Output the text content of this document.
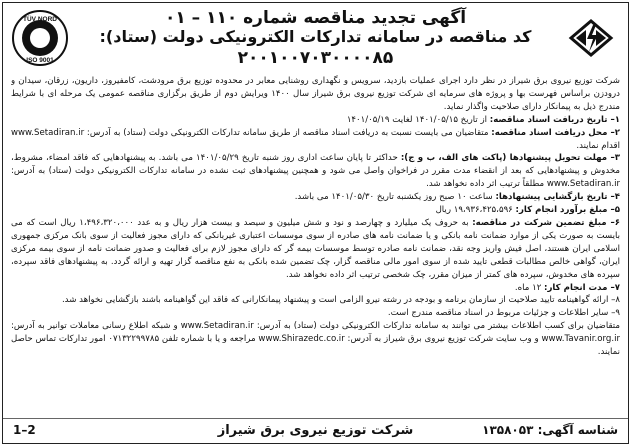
TÜV NORD
ISO 9001
آگهی تجدید مناقصه شماره ۱۱۰ – ۰۱
کد مناقصه در سامانه تدارکات الکترونیکی دولت (ستاد):
۲۰۰۱۰۰۷۰۳۰۰۰۰۸۵

شرکت توزیع نیروی برق شیراز در نظر دارد اجرای عملیات بازدید، سرویس و نگهداری روشنایی معابر در محدوده توزیع برق مرودشت، کامفیروز، داریون، زرقان، سیدان و درودزن براساس فهرست بها و پروژه های سرمایه ای شرکت توزیع نیروی برق شیراز سال ۱۴۰۰ ویرایش دوم از طریق برگزاری مناقصه عمومی یک مرحله ای با شرایط مندرج ذیل به پیمانکار دارای صلاحیت واگذار نماید.

۱– تاریخ دریافت اسناد مناقصه: از تاریخ ۱۴۰۱/۰۵/۱۵ لغایت ۱۴۰۱/۰۵/۱۹

۲– محل دریافت اسناد مناقصه: متقاضیان می بایست نسبت به دریافت اسناد مناقصه از طریق سامانه تدارکات الکترونیکی دولت (ستاد) به آدرس: www.Setadiran.ir اقدام نمایند.

۳– مهلت تحویل پیشنهادها (پاکت های الف، ب و ج): حداکثر تا پایان ساعت اداری روز شنبه تاریخ ۱۴۰۱/۰۵/۲۹ می باشد. به پیشنهادهایی که فاقد امضاء، مشروط، مخدوش و پیشنهادهایی که بعد از انقضاء مدت مقرر در فراخوان واصل می شود و همچنین پیشنهادهای ثبت نشده در سامانه تدارکات الکترونیکی دولت (ستاد) به آدرس: www.Setadiran.ir مطلقاً ترتیب اثر داده نخواهد شد.

۴– تاریخ بازگشایی پیشنهادها: ساعت ۱۰ صبح روز یکشنبه تاریخ ۱۴۰۱/۰۵/۳۰ می باشد.

۵– مبلغ برآورد انجام کار: ۱۹،۹۳۶،۴۲۵،۵۹۶ ریال

۶– مبلغ تضمین شرکت در مناقصه: به حروف یک میلیارد و چهارصد و نود و شش میلیون و سیصد و بیست هزار ریال و به عدد ۱،۴۹۶،۳۲۰،۰۰۰ ریال است که می بایست به صورت یکی از موارد ضمانت نامه بانکی و یا ضمانت نامه های صادره از سوی موسسات اعتباری غیربانکی که دارای مجوز فعالیت از سوی بانک مرکزی جمهوری اسلامی ایران هستند، اصل فیش واریز وجه نقد، ضمانت نامه صادره توسط موسسات بیمه گر که دارای مجوز لازم برای فعالیت و صدور ضمانت نامه از سوی بیمه مرکزی ایران، گواهی خالص مطالبات قطعی تایید شده از سوی امور مالی مناقصه گزار، چک تضمین شده بانکی به نفع مناقصه گزار تهیه و ارائه گردد. به پیشنهادهای فاقد سپرده، سپرده های مخدوش، سپرده های کمتر از میزان مقرر، چک شخصی ترتیب اثر داده نخواهد شد.

۷– مدت انجام کار: ۱۲ ماه.

۸– ارائه گواهینامه تایید صلاحیت از سازمان برنامه و بودجه در رشته نیرو الزامی است و پیشنهاد پیمانکارانی که فاقد این گواهینامه باشند بازگشایی نخواهد شد.

۹– سایر اطلاعات و جزئیات مربوط در اسناد مناقصه مندرج است.

متقاضیان برای کسب اطلاعات بیشتر می توانند به سامانه تدارکات الکترونیکی دولت (ستاد) به آدرس: www.Setadiran.ir و شبکه اطلاع رسانی معاملات توانیر به آدرس: www.Tavanir.org.ir و وب سایت شرکت توزیع نیروی برق شیراز به آدرس: www.Shirazedc.co.ir مراجعه و یا با شماره تلفن ۰۷۱۳۲۲۹۹۷۸۵ امور تدارکات تماس حاصل نمایند.

شناسه آگهی: ۱۳۵۸۰۵۳
شرکت توزیع نیروی برق شیراز
1–2
